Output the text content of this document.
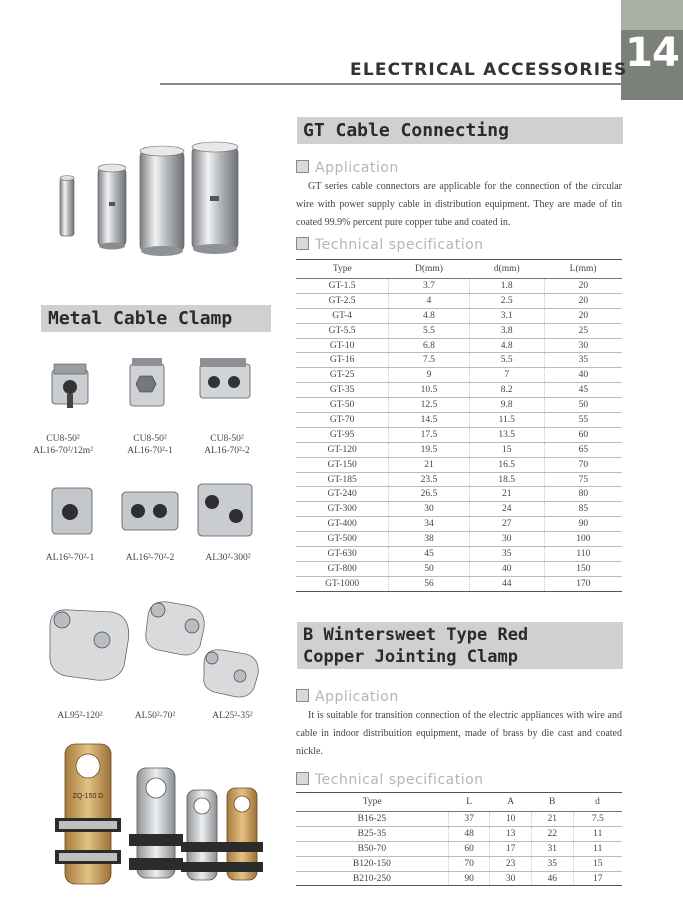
14
ELECTRICAL ACCESSORIES
Metal Cable Clamp
CU8-50²
AL16-70²/12m²
CU8-50²
AL16-70²-1
CU8-50²
AL16-70²-2
AL16²-70²-1	AL16²-70²-2	AL30²-300²
AL95²-120²	AL50²-70²	AL25²-35²
ZQ-150 D
GT Cable Connecting
Application
GT series cable connectors are applicable for the connection of the circular wire with power supply cable in distribution equipment. They are made of tin coated 99.9% percent pure copper tube and coated in.
Technical specification
Type	D(mm)	d(mm)	L(mm)
GT-1.5	3.7	1.8	20
GT-2.5	4	2.5	20
GT-4	4.8	3.1	20
GT-5.5	5.5	3.8	25
GT-10	6.8	4.8	30
GT-16	7.5	5.5	35
GT-25	9	7	40
GT-35	10.5	8.2	45
GT-50	12.5	9.8	50
GT-70	14.5	11.5	55
GT-95	17.5	13.5	60
GT-120	19.5	15	65
GT-150	21	16.5	70
GT-185	23.5	18.5	75
GT-240	26.5	21	80
GT-300	30	24	85
GT-400	34	27	90
GT-500	38	30	100
GT-630	45	35	110
GT-800	50	40	150
GT-1000	56	44	170
B Wintersweet Type Red
Copper Jointing Clamp
Application
It is suitable for transition connection of the electric appliances with wire and cable in indoor distribuition equipment, made of brass by die cast and coated nickle.
Technical specification
Type	L	A	B	d
B16-25	37	10	21	7.5
B25-35	48	13	22	11
B50-70	60	17	31	11
B120-150	70	23	35	15
B210-250	90	30	46	17
